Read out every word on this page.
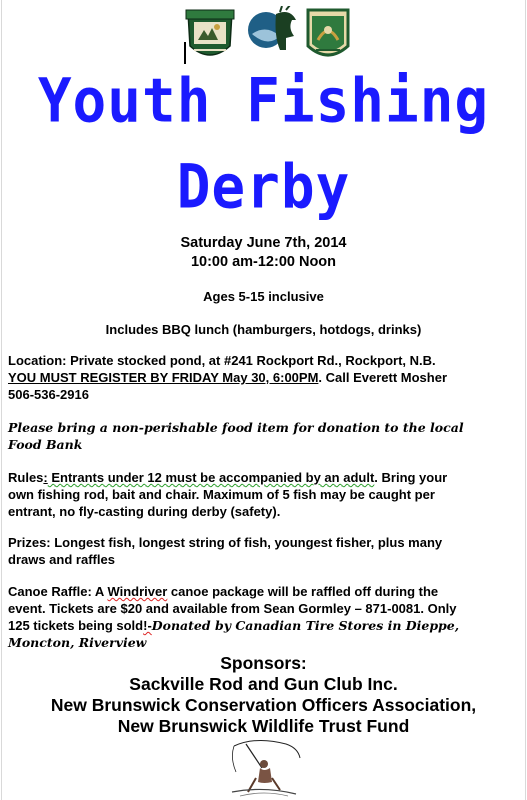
Youth Fishing
Derby
Saturday June 7th, 2014
10:00 am-12:00 Noon
Ages 5-15 inclusive
Includes BBQ lunch (hamburgers, hotdogs, drinks)
Location: Private stocked pond, at #241 Rockport Rd., Rockport, N.B.
YOU MUST REGISTER BY FRIDAY May 30, 6:00PM. Call Everett Mosher
506-536-2916
Please bring a non-perishable food item for donation to the local
Food Bank
Rules: Entrants under 12 must be accompanied by an adult. Bring your
own fishing rod, bait and chair. Maximum of 5 fish may be caught per
entrant, no fly-casting during derby (safety).
Prizes: Longest fish, longest string of fish, youngest fisher, plus many
draws and raffles
Canoe Raffle: A Windriver canoe package will be raffled off during the
event. Tickets are $20 and available from Sean Gormley – 871-0081. Only
125 tickets being sold!-Donated by Canadian Tire Stores in Dieppe,
Moncton, Riverview
Sponsors:
Sackville Rod and Gun Club Inc.
New Brunswick Conservation Officers Association,
New Brunswick Wildlife Trust Fund
